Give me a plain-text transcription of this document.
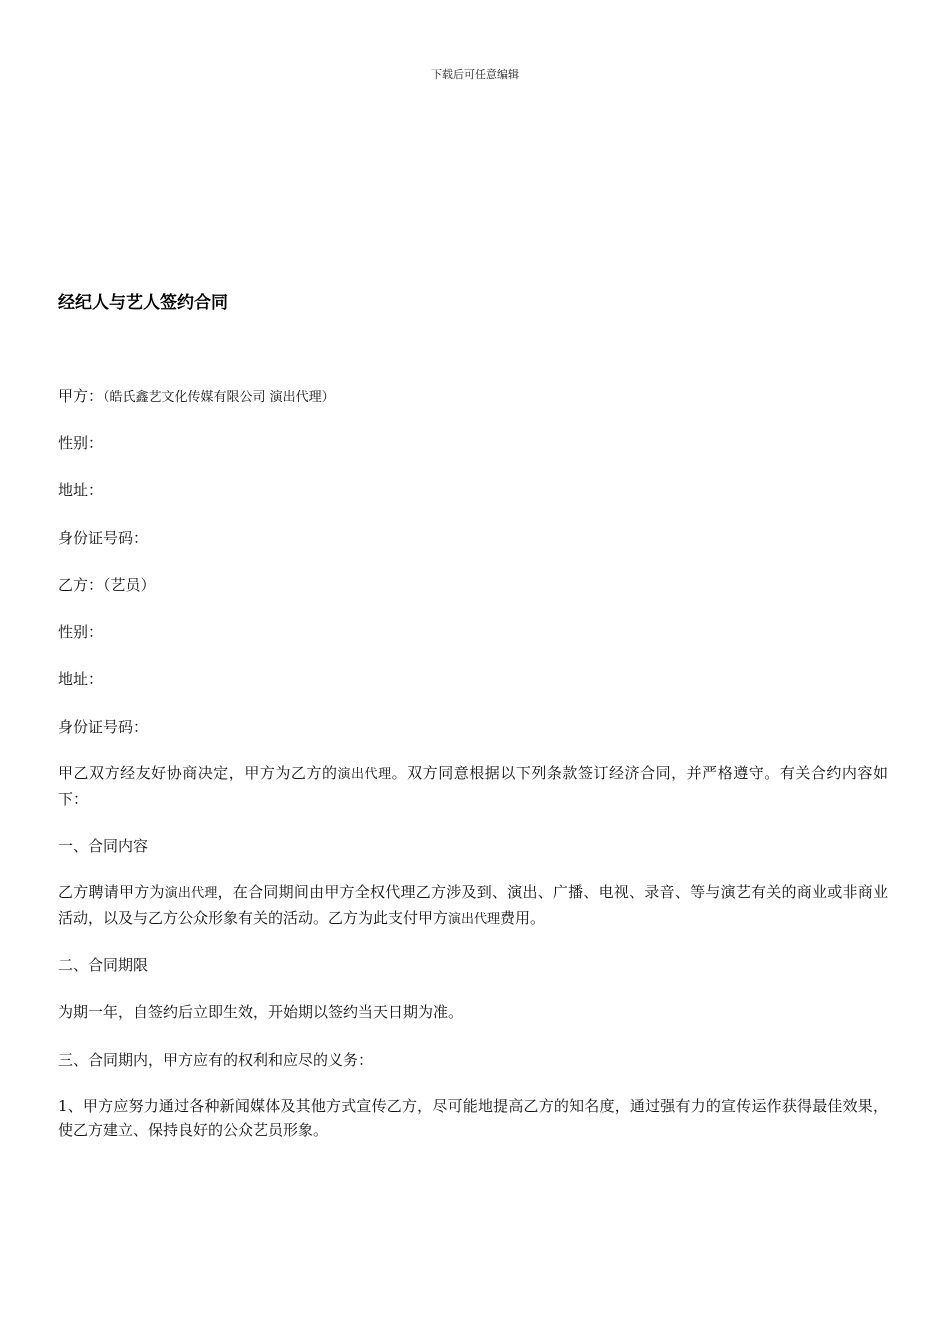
下载后可任意编辑
经纪人与艺人签约合同
甲方：（皓氏鑫艺文化传媒有限公司 演出代理）
性别：
地址：
身份证号码：
乙方：（艺员）
性别：
地址：
身份证号码：
甲乙双方经友好协商决定，甲方为乙方的演出代理。双方同意根据以下列条款签订经济合同，并严格遵守。有关合约内容如下：
一、合同内容
乙方聘请甲方为演出代理，在合同期间由甲方全权代理乙方涉及到、演出、广播、电视、录音、等与演艺有关的商业或非商业活动，以及与乙方公众形象有关的活动。乙方为此支付甲方演出代理费用。
二、合同期限
为期一年，自签约后立即生效，开始期以签约当天日期为准。
三、合同期内，甲方应有的权利和应尽的义务：
1、甲方应努力通过各种新闻媒体及其他方式宣传乙方，尽可能地提高乙方的知名度，通过强有力的宣传运作获得最佳效果，使乙方建立、保持良好的公众艺员形象。
